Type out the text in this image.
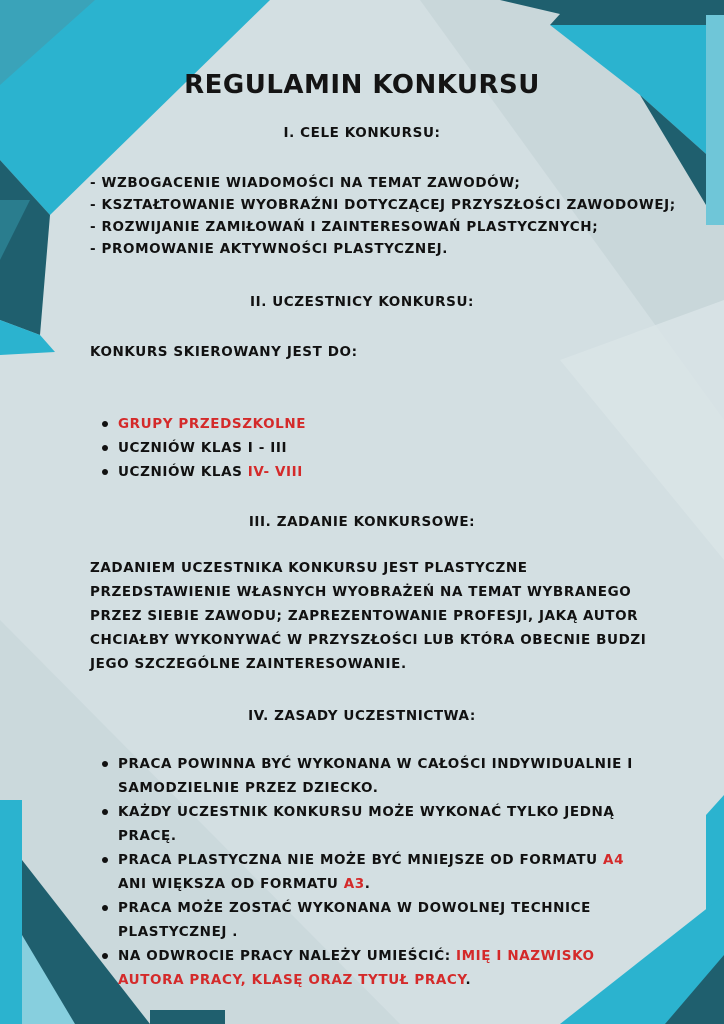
REGULAMIN KONKURSU
I. CELE KONKURSU:
- WZBOGACENIE WIADOMOŚCI NA TEMAT ZAWODÓW;
- KSZTAŁTOWANIE WYOBRAŹNI DOTYCZĄCEJ PRZYSZŁOŚCI ZAWODOWEJ;
- ROZWIJANIE ZAMIŁOWAŃ I ZAINTERESOWAŃ PLASTYCZNYCH;
- PROMOWANIE AKTYWNOŚCI PLASTYCZNEJ.
II. UCZESTNICY KONKURSU:
KONKURS SKIEROWANY JEST DO:
GRUPY PRZEDSZKOLNE
UCZNIÓW KLAS I - III
UCZNIÓW KLAS IV- VIII
III. ZADANIE KONKURSOWE:

ZADANIEM UCZESTNIKA KONKURSU JEST PLASTYCZNE PRZEDSTAWIENIE WŁASNYCH WYOBRAŻEŃ NA TEMAT WYBRANEGO PRZEZ SIEBIE ZAWODU; ZAPREZENTOWANIE PROFESJI, JAKĄ AUTOR CHCIAŁBY WYKONYWAĆ W PRZYSZŁOŚCI LUB KTÓRA OBECNIE BUDZI JEGO SZCZEGÓLNE ZAINTERESOWANIE.

IV. ZASADY UCZESTNICTWA:
PRACA POWINNA BYĆ WYKONANA W CAŁOŚCI INDYWIDUALNIE I SAMODZIELNIE PRZEZ DZIECKO.
KAŻDY UCZESTNIK KONKURSU MOŻE WYKONAĆ TYLKO JEDNĄ PRACĘ.
PRACA PLASTYCZNA NIE MOŻE BYĆ MNIEJSZE OD FORMATU A4 ANI WIĘKSZA OD FORMATU A3.
PRACA MOŻE ZOSTAĆ WYKONANA W DOWOLNEJ TECHNICE PLASTYCZNEJ .
NA ODWROCIE PRACY NALEŻY UMIEŚCIĆ: IMIĘ I NAZWISKO AUTORA PRACY, KLASĘ ORAZ TYTUŁ PRACY.
